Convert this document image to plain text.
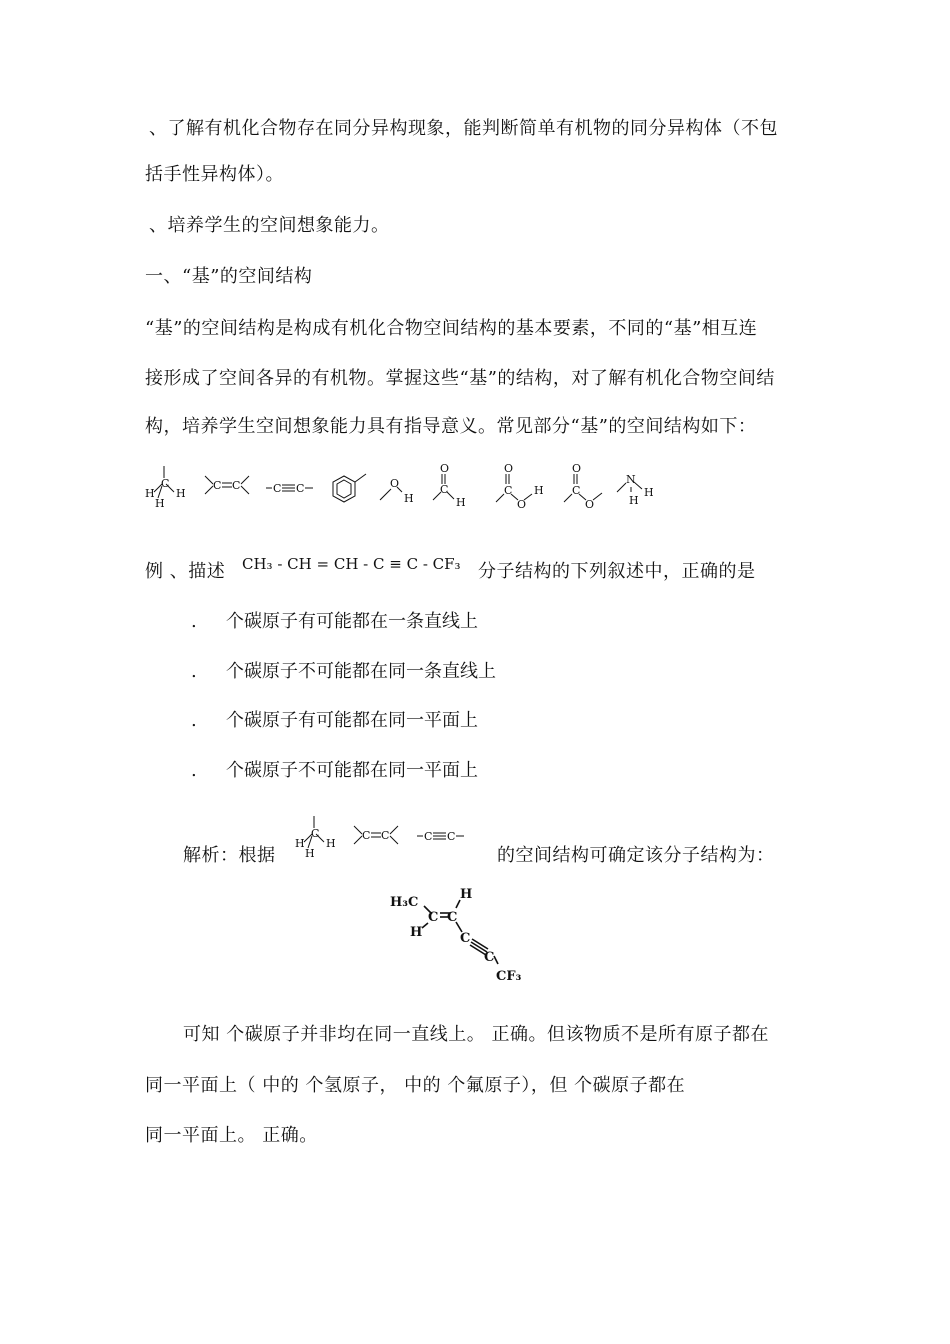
、了解有机化合物存在同分异构现象，能判断简单有机物的同分异构体（不包
括手性异构体）。
、培养学生的空间想象能力。
一、“基”的空间结构
“基”的空间结构是构成有机化合物空间结构的基本要素，不同的“基”相互连
接形成了空间各异的有机物。掌握这些“基”的结构，对了解有机化合物空间结
构，培养学生空间想象能力具有指导意义。常见部分“基”的空间结构如下：
C
H H
H
C C	C C	O
H
O
C
H
O
C
O
H
O
C
O
N
H
H
例 、描述 CH₃ - CH = CH - C ≡ C - CF₃ 分子结构的下列叙述中，正确的是
. 个碳原子有可能都在一条直线上
. 个碳原子不可能都在同一条直线上
. 个碳原子有可能都在同一平面上
. 个碳原子不可能都在同一平面上
解析：根据
C
H H
H
C C	C C
的空间结构可确定该分子结构为：
H₃C
C C
H
H	C
C
CF₃
可知 个碳原子并非均在同一直线上。 正确。但该物质不是所有原子都在
同一平面上（ 中的 个氢原子， 中的 个氟原子），但 个碳原子都在
同一平面上。 正确。
